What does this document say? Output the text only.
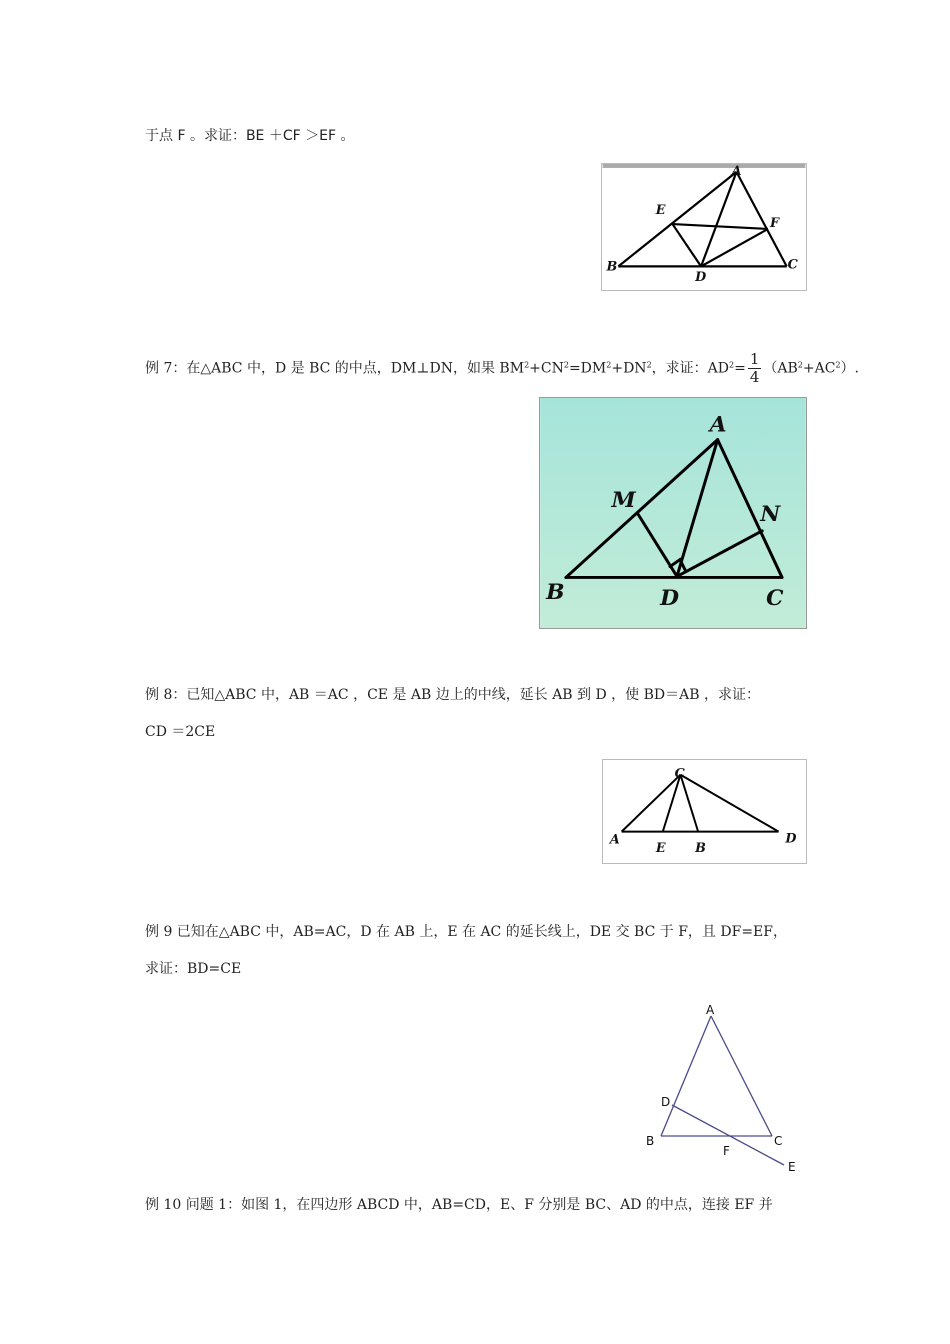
于点 F 。求证：BE ＋CF ＞EF 。
A
E
F
B
D
C
例 7：在△ABC 中，D 是 BC 的中点，DM⊥DN，如果 $BM^2+CN^2=DM^2+DN^2$，求证：$AD^2= \frac{1}{4} (AB^2+AC^2)$.
A
M
N
B	D	C
例 8：已知△ABC 中，AB ＝AC ，CE 是 AB 边上的中线，延长 AB 到 D ，使 BD＝AB ，求证：
CD ＝2CE
C
A
E B
D
例 9 已知在△ABC 中，AB=AC，D 在 AB 上，E 在 AC 的延长线上，DE 交 BC 于 F，且 DF=EF，
求证：BD=CE
A
D
B
F
C
E
例 10 问题 1：如图 1，在四边形 ABCD 中，AB=CD，E、F 分别是 BC、AD 的中点，连接 EF 并
